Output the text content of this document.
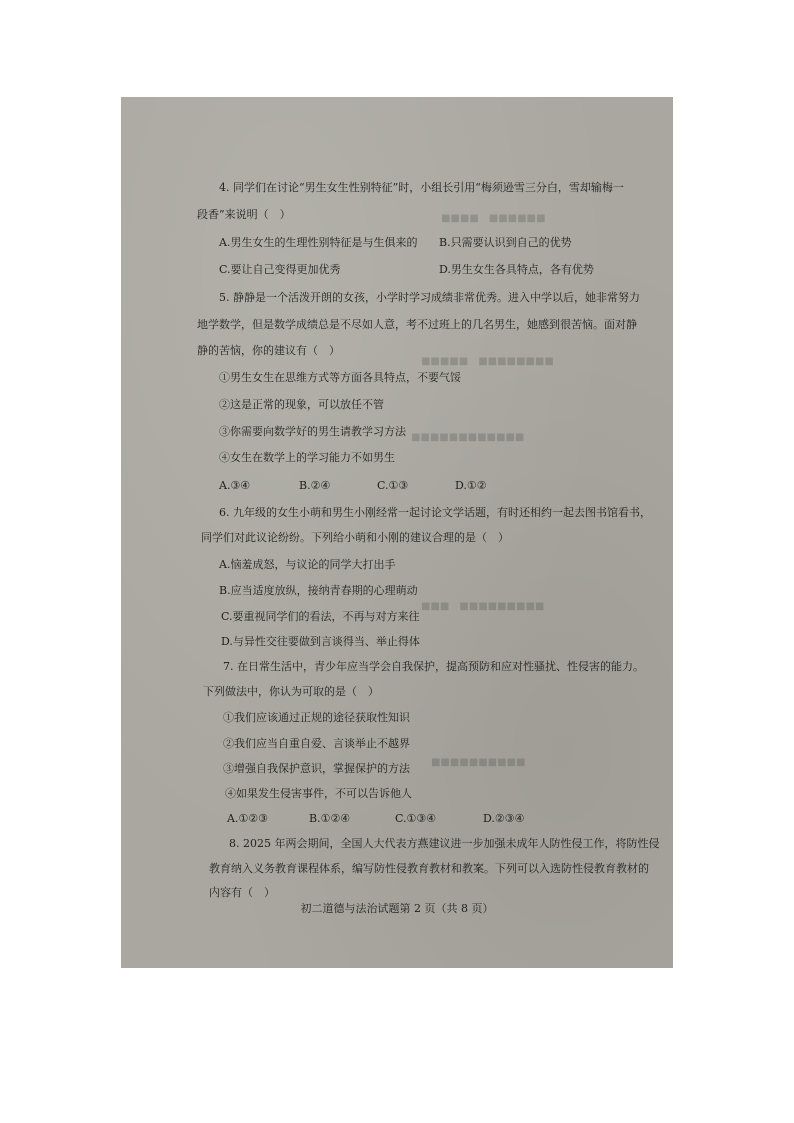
■■■■■■　■■■■
■■■■■■■■　■■■■■
■■■■■■■■■■■■
■■■■■■■■■　■■■
■■■■■■■■■■
4. 同学们在讨论“男生女生性别特征”时，小组长引用“梅须逊雪三分白，雪却输梅一
段香”来说明（　）
A.男生女生的生理性别特征是与生俱来的 B.只需要认识到自己的优势
C.要让自己变得更加优秀	D.男生女生各具特点，各有优势
5. 静静是一个活泼开朗的女孩，小学时学习成绩非常优秀。进入中学以后，她非常努力
地学数学，但是数学成绩总是不尽如人意，考不过班上的几名男生，她感到很苦恼。面对静
静的苦恼，你的建议有（　）
①男生女生在思维方式等方面各具特点，不要气馁
②这是正常的现象，可以放任不管
③你需要向数学好的男生请教学习方法
④女生在数学上的学习能力不如男生
A.③④	B.②④	C.①③	D.①②
6. 九年级的女生小萌和男生小刚经常一起讨论文学话题，有时还相约一起去图书馆看书，
同学们对此议论纷纷。下列给小萌和小刚的建议合理的是（　）
A.恼羞成怒，与议论的同学大打出手
B.应当适度放纵，接纳青春期的心理萌动
C.要重视同学们的看法，不再与对方来往
D.与异性交往要做到言谈得当、举止得体
7. 在日常生活中，青少年应当学会自我保护，提高预防和应对性骚扰、性侵害的能力。
下列做法中，你认为可取的是（　）
①我们应该通过正规的途径获取性知识
②我们应当自重自爱、言谈举止不越界
③增强自我保护意识，掌握保护的方法
④如果发生侵害事件，不可以告诉他人
A.①②③	B.①②④	C.①③④	D.②③④
8. 2025 年两会期间，全国人大代表方燕建议进一步加强未成年人防性侵工作，将防性侵
教育纳入义务教育课程体系，编写防性侵教育教材和教案。下列可以入选防性侵教育教材的
内容有（　）
初二道德与法治试题第 2 页（共 8 页）
